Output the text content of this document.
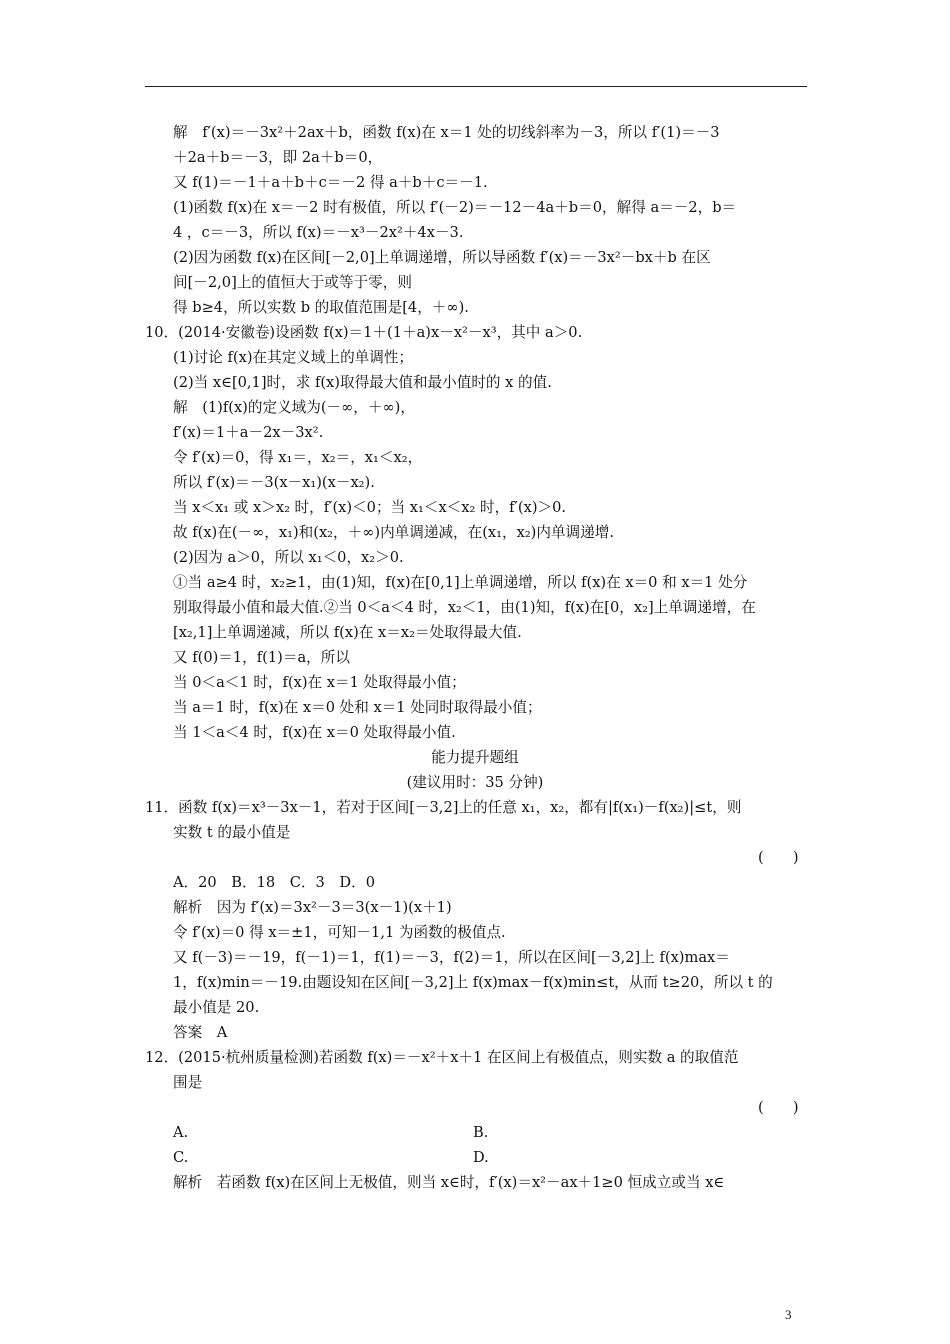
解　f′(x)＝－3x²＋2ax＋b，函数 f(x)在 x＝1 处的切线斜率为－3，所以 f′(1)＝－3
＋2a＋b＝－3，即 2a＋b＝0，
又 f(1)＝－1＋a＋b＋c＝－2 得 a＋b＋c＝－1.
(1)函数 f(x)在 x＝－2 时有极值，所以 f′(－2)＝－12－4a＋b＝0，解得 a＝－2，b＝
4 ，c＝－3，所以 f(x)＝－x³－2x²＋4x－3.
(2)因为函数 f(x)在区间[－2,0]上单调递增，所以导函数 f′(x)＝－3x²－bx＋b 在区
间[－2,0]上的值恒大于或等于零，则
得 b≥4，所以实数 b 的取值范围是[4，＋∞).
10．(2014·安徽卷)设函数 f(x)＝1＋(1＋a)x－x²－x³，其中 a＞0.
(1)讨论 f(x)在其定义域上的单调性；
(2)当 x∈[0,1]时，求 f(x)取得最大值和最小值时的 x 的值.
解　(1)f(x)的定义域为(－∞，＋∞)，
f′(x)＝1＋a－2x－3x².
令 f′(x)＝0，得 x₁＝，x₂＝，x₁＜x₂，
所以 f′(x)＝－3(x－x₁)(x－x₂).
当 x＜x₁ 或 x＞x₂ 时，f′(x)＜0；当 x₁＜x＜x₂ 时，f′(x)＞0.
故 f(x)在(－∞，x₁)和(x₂，＋∞)内单调递减，在(x₁，x₂)内单调递增.
(2)因为 a＞0，所以 x₁＜0，x₂＞0.
①当 a≥4 时，x₂≥1，由(1)知，f(x)在[0,1]上单调递增，所以 f(x)在 x＝0 和 x＝1 处分
别取得最小值和最大值.②当 0＜a＜4 时，x₂＜1，由(1)知，f(x)在[0，x₂]上单调递增，在
[x₂,1]上单调递减，所以 f(x)在 x＝x₂＝处取得最大值.
又 f(0)＝1，f(1)＝a，所以
当 0＜a＜1 时，f(x)在 x＝1 处取得最小值；
当 a＝1 时，f(x)在 x＝0 处和 x＝1 处同时取得最小值；
当 1＜a＜4 时，f(x)在 x＝0 处取得最小值.
能力提升题组
(建议用时：35 分钟)
11．函数 f(x)＝x³－3x－1，若对于区间[－3,2]上的任意 x₁，x₂，都有|f(x₁)－f(x₂)|≤t，则
实数 t 的最小值是
(　　)
A．20　B．18　C．3　D．0
解析　因为 f′(x)＝3x²－3＝3(x－1)(x＋1)
令 f′(x)＝0 得 x＝±1，可知－1,1 为函数的极值点.
又 f(－3)＝－19，f(－1)＝1，f(1)＝－3，f(2)＝1，所以在区间[－3,2]上 f(x)max＝
1，f(x)min＝－19.由题设知在区间[－3,2]上 f(x)max－f(x)min≤t，从而 t≥20，所以 t 的
最小值是 20.
答案　A
12．(2015·杭州质量检测)若函数 f(x)＝－x²＋x＋1 在区间上有极值点，则实数 a 的取值范
围是
(　　)
A.	B.
C.	D.
解析　若函数 f(x)在区间上无极值，则当 x∈时，f′(x)＝x²－ax＋1≥0 恒成立或当 x∈
3
